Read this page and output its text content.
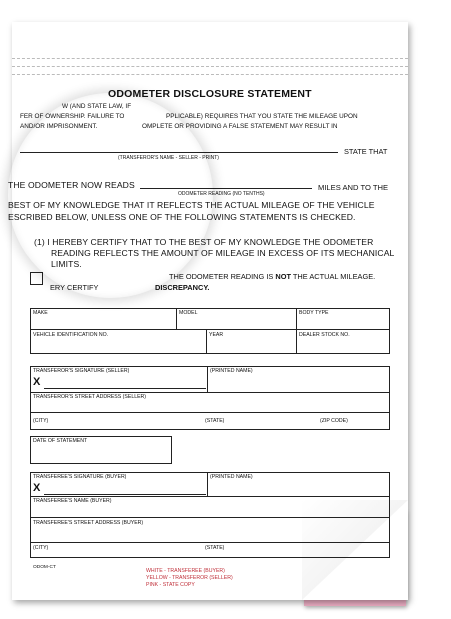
ODOMETER DISCLOSURE STATEMENT
W (AND STATE LAW, IF
FER OF OWNERSHIP. FAILURE TO	PPLICABLE) REQUIRES THAT YOU STATE THE MILEAGE UPON
AND/OR IMPRISONMENT.	OMPLETE OR PROVIDING A FALSE STATEMENT MAY RESULT IN
(TRANSFEROR'S NAME - SELLER - PRINT)
STATE THAT
THE ODOMETER NOW READS
ODOMETER READING (NO TENTHS)
MILES AND TO THE
BEST OF MY KNOWLEDGE THAT IT REFLECTS THE ACTUAL MILEAGE OF THE VEHICLE
ESCRIBED BELOW, UNLESS ONE OF THE FOLLOWING STATEMENTS IS CHECKED.
(1) I HEREBY CERTIFY THAT TO THE BEST OF MY KNOWLEDGE THE ODOMETER
READING REFLECTS THE AMOUNT OF MILEAGE IN EXCESS OF ITS MECHANICAL
LIMITS.
THE ODOMETER READING IS NOT THE ACTUAL MILEAGE.
ERY CERTIFY	DISCREPANCY.
MAKE	MODEL	BODY TYPE
VEHICLE IDENTIFICATION NO.	YEAR	DEALER STOCK NO.
TRANSFEROR'S SIGNATURE (SELLER)
X
(PRINTED NAME)
TRANSFEROR'S STREET ADDRESS (SELLER)
(CITY)	(STATE)	(ZIP CODE)
DATE OF STATEMENT
TRANSFEREE'S SIGNATURE (BUYER)
X
(PRINTED NAME)
TRANSFEREE'S NAME (BUYER)
TRANSFEREE'S STREET ADDRESS (BUYER)
(CITY)	(STATE)
ODOM-CT
WHITE - TRANSFEREE (BUYER)
YELLOW - TRANSFEROR (SELLER)
PINK - STATE COPY
